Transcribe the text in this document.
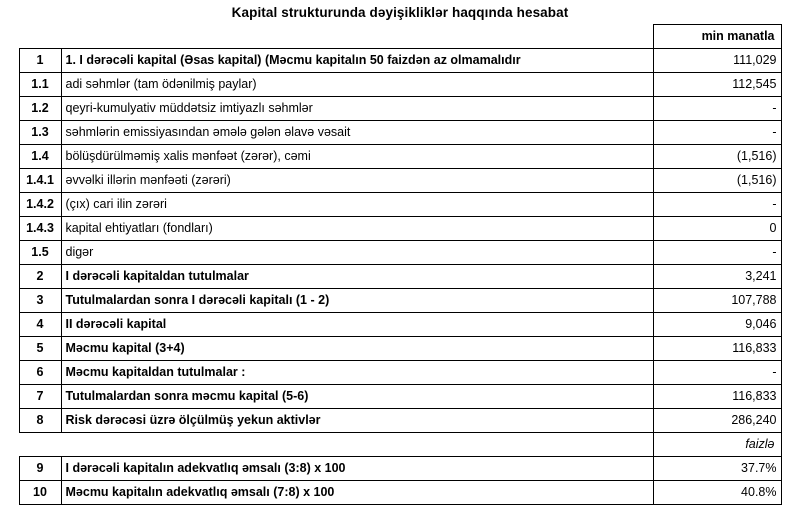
Kapital strukturunda dəyişikliklər haqqında hesabat
		min manatla
1	1. I dərəcəli kapital (Əsas kapital) (Məcmu kapitalın 50 faizdən az olmamalıdır	111,029
1.1	adi səhmlər (tam ödənilmiş paylar)	112,545
1.2	qeyri-kumulyativ müddətsiz imtiyazlı səhmlər	-
1.3	səhmlərin emissiyasından əmələ gələn əlavə vəsait	-
1.4	bölüşdürülməmiş xalis mənfəət (zərər), cəmi	(1,516)
1.4.1	əvvəlki illərin mənfəəti (zərəri)	(1,516)
1.4.2	(çıx) cari ilin zərəri	-
1.4.3	kapital ehtiyatları (fondları)	0
1.5	digər	-
2	I dərəcəli kapitaldan tutulmalar	3,241
3	Tutulmalardan sonra I dərəcəli kapitalı (1 - 2)	107,788
4	II dərəcəli kapital	9,046
5	Məcmu kapital (3+4)	116,833
6	Məcmu kapitaldan tutulmalar :	-
7	Tutulmalardan sonra məcmu kapital (5-6)	116,833
8	Risk dərəcəsi üzrə ölçülmüş yekun aktivlər	286,240
		faizlə
9	I dərəcəli kapitalın adekvatlıq əmsalı (3:8) x 100	37.7%
10	Məcmu kapitalın adekvatlıq əmsalı (7:8) x 100	40.8%
